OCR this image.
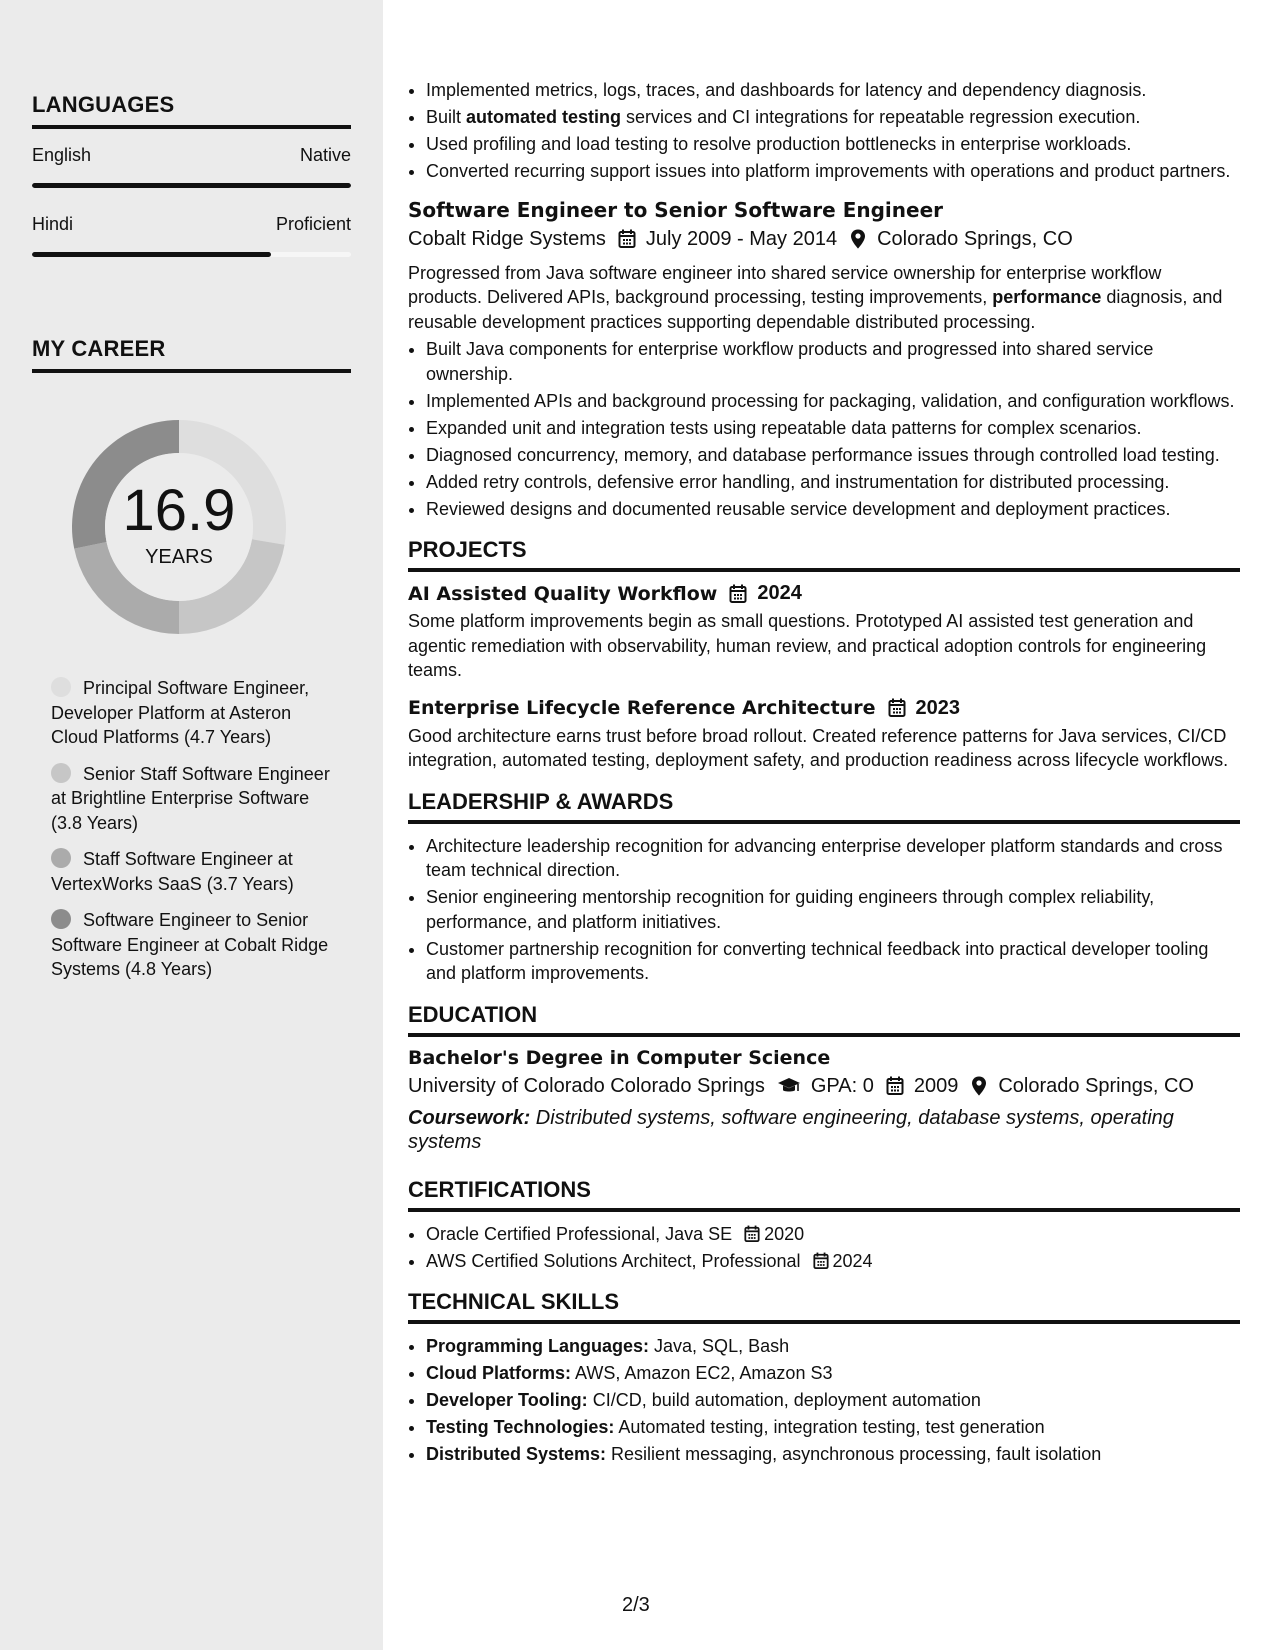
LANGUAGES
English	Native
Hindi	Proficient
MY CAREER
16.9
YEARS
Principal Software Engineer, Developer Platform at Asteron Cloud Platforms (4.7 Years)
Senior Staff Software Engineer at Brightline Enterprise Software (3.8 Years)
Staff Software Engineer at VertexWorks SaaS (3.7 Years)
Software Engineer to Senior Software Engineer at Cobalt Ridge Systems (4.8 Years)
• Implemented metrics, logs, traces, and dashboards for latency and dependency diagnosis.
• Built automated testing services and CI integrations for repeatable regression execution.
• Used profiling and load testing to resolve production bottlenecks in enterprise workloads.
• Converted recurring support issues into platform improvements with operations and product partners.
Software Engineer to Senior Software Engineer
Cobalt Ridge Systems July 2009 - May 2014 Colorado Springs, CO
Progressed from Java software engineer into shared service ownership for enterprise workflow products. Delivered APIs, background processing, testing improvements, performance diagnosis, and reusable development practices supporting dependable distributed processing.
• Built Java components for enterprise workflow products and progressed into shared service ownership.
• Implemented APIs and background processing for packaging, validation, and configuration workflows.
• Expanded unit and integration tests using repeatable data patterns for complex scenarios.
• Diagnosed concurrency, memory, and database performance issues through controlled load testing.
• Added retry controls, defensive error handling, and instrumentation for distributed processing.
• Reviewed designs and documented reusable service development and deployment practices.
PROJECTS
AI Assisted Quality Workflow 2024
Some platform improvements begin as small questions. Prototyped AI assisted test generation and agentic remediation with observability, human review, and practical adoption controls for engineering teams.
Enterprise Lifecycle Reference Architecture 2023
Good architecture earns trust before broad rollout. Created reference patterns for Java services, CI/CD integration, automated testing, deployment safety, and production readiness across lifecycle workflows.
LEADERSHIP & AWARDS
• Architecture leadership recognition for advancing enterprise developer platform standards and cross team technical direction.
• Senior engineering mentorship recognition for guiding engineers through complex reliability, performance, and platform initiatives.
• Customer partnership recognition for converting technical feedback into practical developer tooling and platform improvements.
EDUCATION
Bachelor's Degree in Computer Science
University of Colorado Colorado Springs GPA: 0 2009 Colorado Springs, CO
Coursework: Distributed systems, software engineering, database systems, operating systems
CERTIFICATIONS
• Oracle Certified Professional, Java SE 2020
• AWS Certified Solutions Architect, Professional 2024
TECHNICAL SKILLS
• Programming Languages: Java, SQL, Bash
• Cloud Platforms: AWS, Amazon EC2, Amazon S3
• Developer Tooling: CI/CD, build automation, deployment automation
• Testing Technologies: Automated testing, integration testing, test generation
• Distributed Systems: Resilient messaging, asynchronous processing, fault isolation
2/3
